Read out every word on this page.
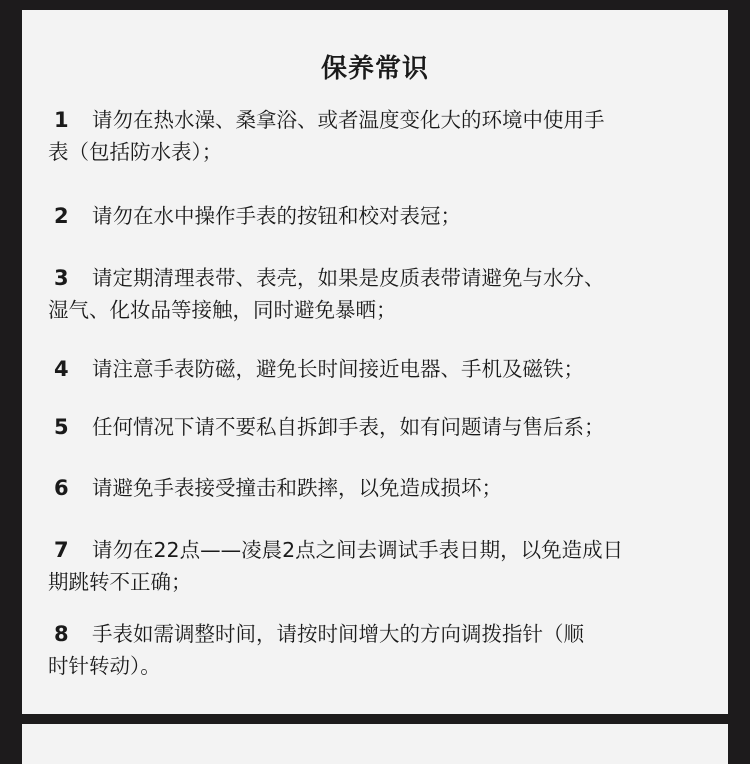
保养常识
1 请勿在热水澡、桑拿浴、或者温度变化大的环境中使用手
表（包括防水表）；
2 请勿在水中操作手表的按钮和校对表冠；
3 请定期清理表带、表壳，如果是皮质表带请避免与水分、
湿气、化妆品等接触，同时避免暴晒；
4 请注意手表防磁，避免长时间接近电器、手机及磁铁；
5 任何情况下请不要私自拆卸手表，如有问题请与售后系；
6 请避免手表接受撞击和跌摔，以免造成损坏；
7 请勿在22点——凌晨2点之间去调试手表日期，以免造成日
期跳转不正确；
8 手表如需调整时间，请按时间增大的方向调拨指针（顺
时针转动）。
